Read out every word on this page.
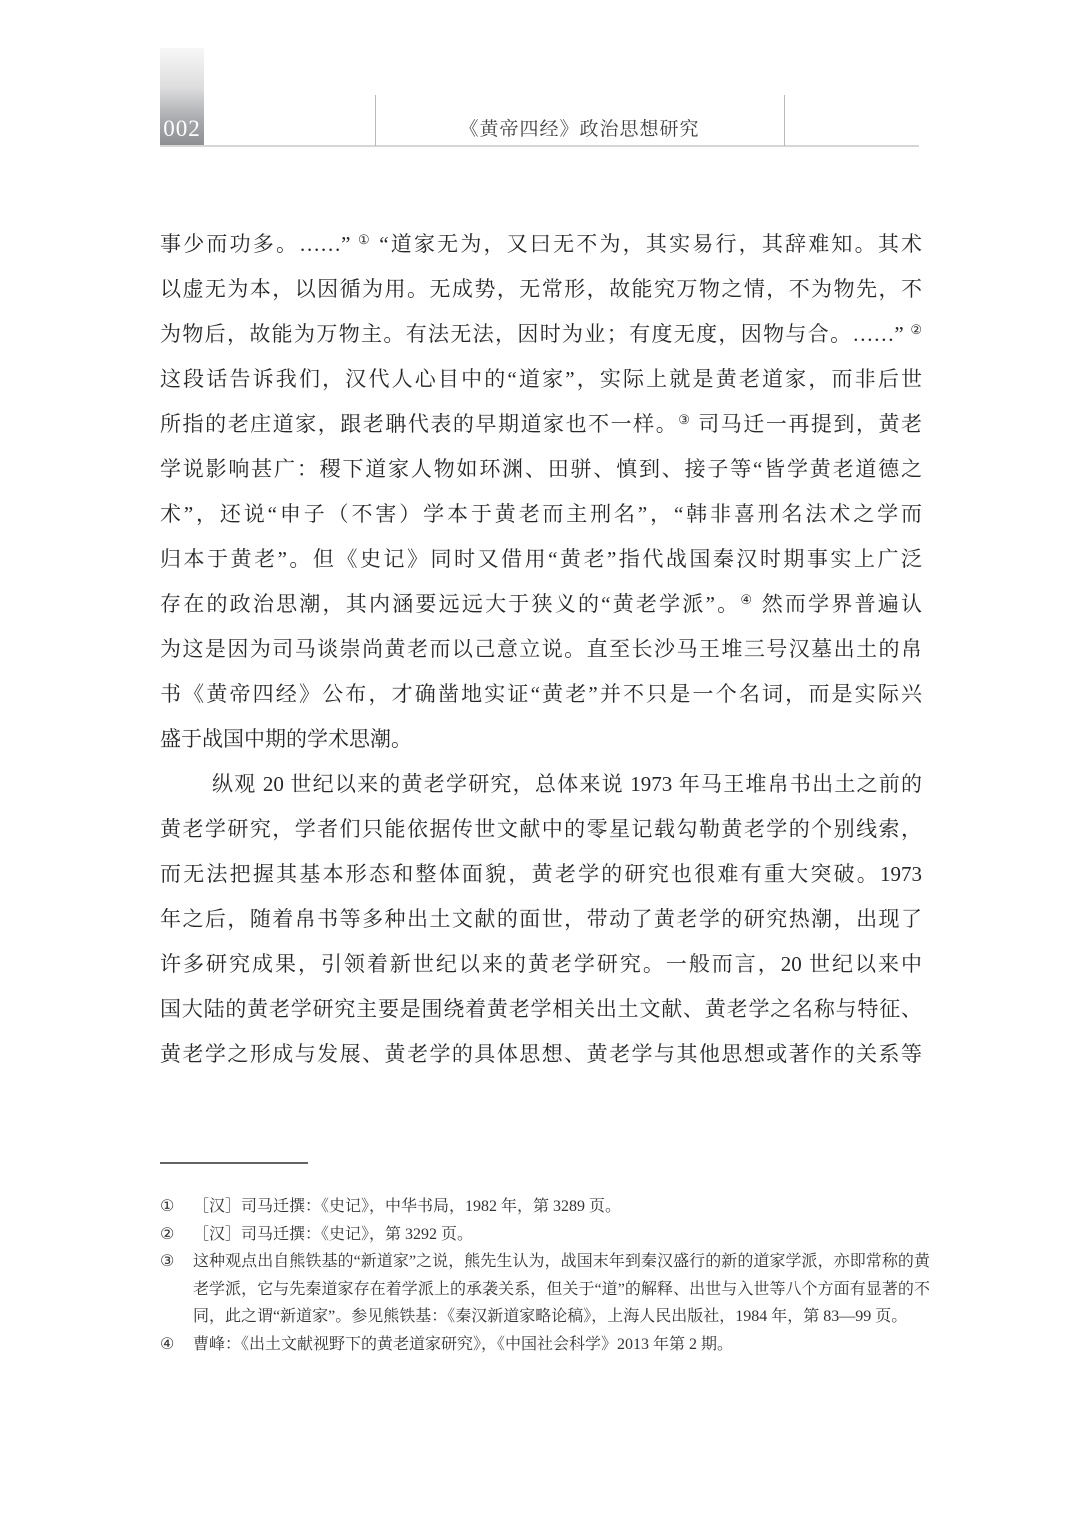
002	《黄帝四经》政治思想研究
事少而功多。……” ① “道家无为，又曰无不为，其实易行，其辞难知。其术
以虚无为本，以因循为用。无成势，无常形，故能究万物之情，不为物先，不
为物后，故能为万物主。有法无法，因时为业；有度无度，因物与合。……” ②
这段话告诉我们，汉代人心目中的“道家”，实际上就是黄老道家，而非后世
所指的老庄道家，跟老聃代表的早期道家也不一样。③ 司马迁一再提到，黄老
学说影响甚广：稷下道家人物如环渊、田骈、慎到、接子等“皆学黄老道德之
术”，还说“申子（不害）学本于黄老而主刑名”，“韩非喜刑名法术之学而
归本于黄老”。但《史记》同时又借用“黄老”指代战国秦汉时期事实上广泛
存在的政治思潮，其内涵要远远大于狭义的“黄老学派”。④ 然而学界普遍认
为这是因为司马谈崇尚黄老而以己意立说。直至长沙马王堆三号汉墓出土的帛
书《黄帝四经》公布，才确凿地实证“黄老”并不只是一个名词，而是实际兴
盛于战国中期的学术思潮。
纵观 20 世纪以来的黄老学研究，总体来说 1973 年马王堆帛书出土之前的
黄老学研究，学者们只能依据传世文献中的零星记载勾勒黄老学的个别线索，
而无法把握其基本形态和整体面貌，黄老学的研究也很难有重大突破。1973
年之后，随着帛书等多种出土文献的面世，带动了黄老学的研究热潮，出现了
许多研究成果，引领着新世纪以来的黄老学研究。一般而言，20 世纪以来中
国大陆的黄老学研究主要是围绕着黄老学相关出土文献、黄老学之名称与特征、
黄老学之形成与发展、黄老学的具体思想、黄老学与其他思想或著作的关系等
①	［汉］司马迁撰：《史记》，中华书局，1982 年，第 3289 页。
②	［汉］司马迁撰：《史记》，第 3292 页。
③	这种观点出自熊铁基的“新道家”之说，熊先生认为，战国末年到秦汉盛行的新的道家学派，亦即常称的黄老学派，它与先秦道家存在着学派上的承袭关系，但关于“道”的解释、出世与入世等八个方面有显著的不同，此之谓“新道家”。参见熊铁基：《秦汉新道家略论稿》，上海人民出版社，1984 年，第 83—99 页。
④	曹峰：《出土文献视野下的黄老道家研究》，《中国社会科学》2013 年第 2 期。
